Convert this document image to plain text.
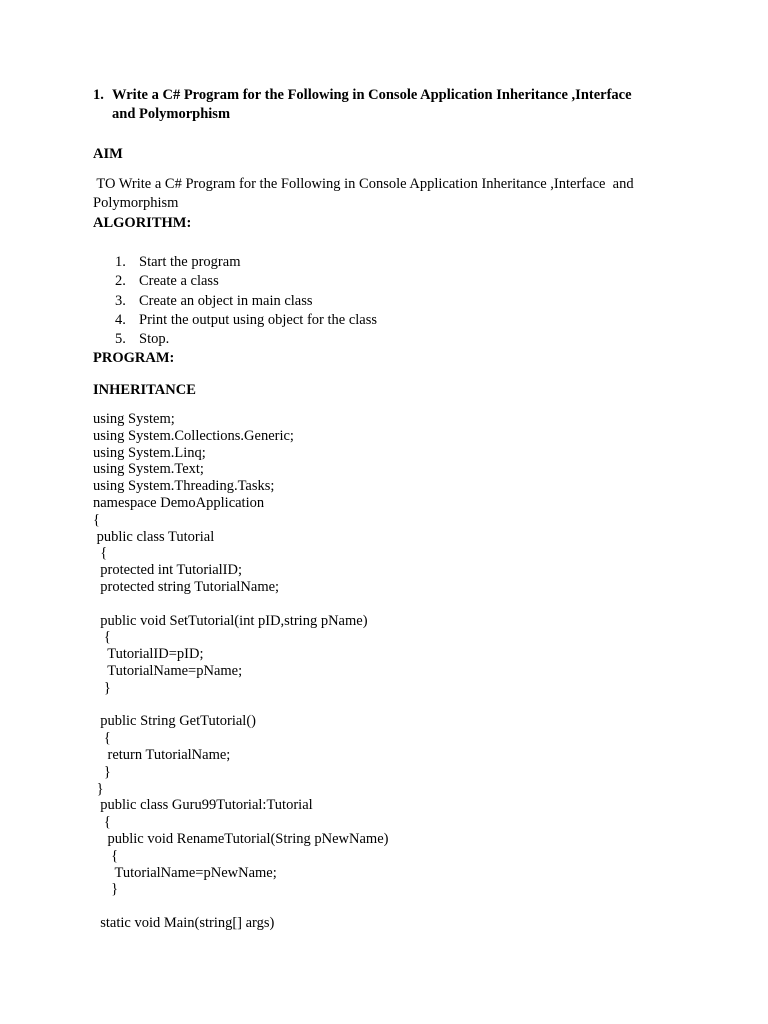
1. Write a C# Program for the Following in Console Application Inheritance ,Interface
and Polymorphism
AIM
TO Write a C# Program for the Following in Console Application Inheritance ,Interface  and
Polymorphism
ALGORITHM:
1. Start the program
2. Create a class
3. Create an object in main class
4. Print the output using object for the class
5. Stop.
PROGRAM:
INHERITANCE
using System;
using System.Collections.Generic;
using System.Linq;
using System.Text;
using System.Threading.Tasks;
namespace DemoApplication
{
public class Tutorial
{
protected int TutorialID;
protected string TutorialName;
public void SetTutorial(int pID,string pName)
{
TutorialID=pID;
TutorialName=pName;
}
public String GetTutorial()
{
return TutorialName;
}
}
public class Guru99Tutorial:Tutorial
{
public void RenameTutorial(String pNewName)
{
TutorialName=pNewName;
}
static void Main(string[] args)
